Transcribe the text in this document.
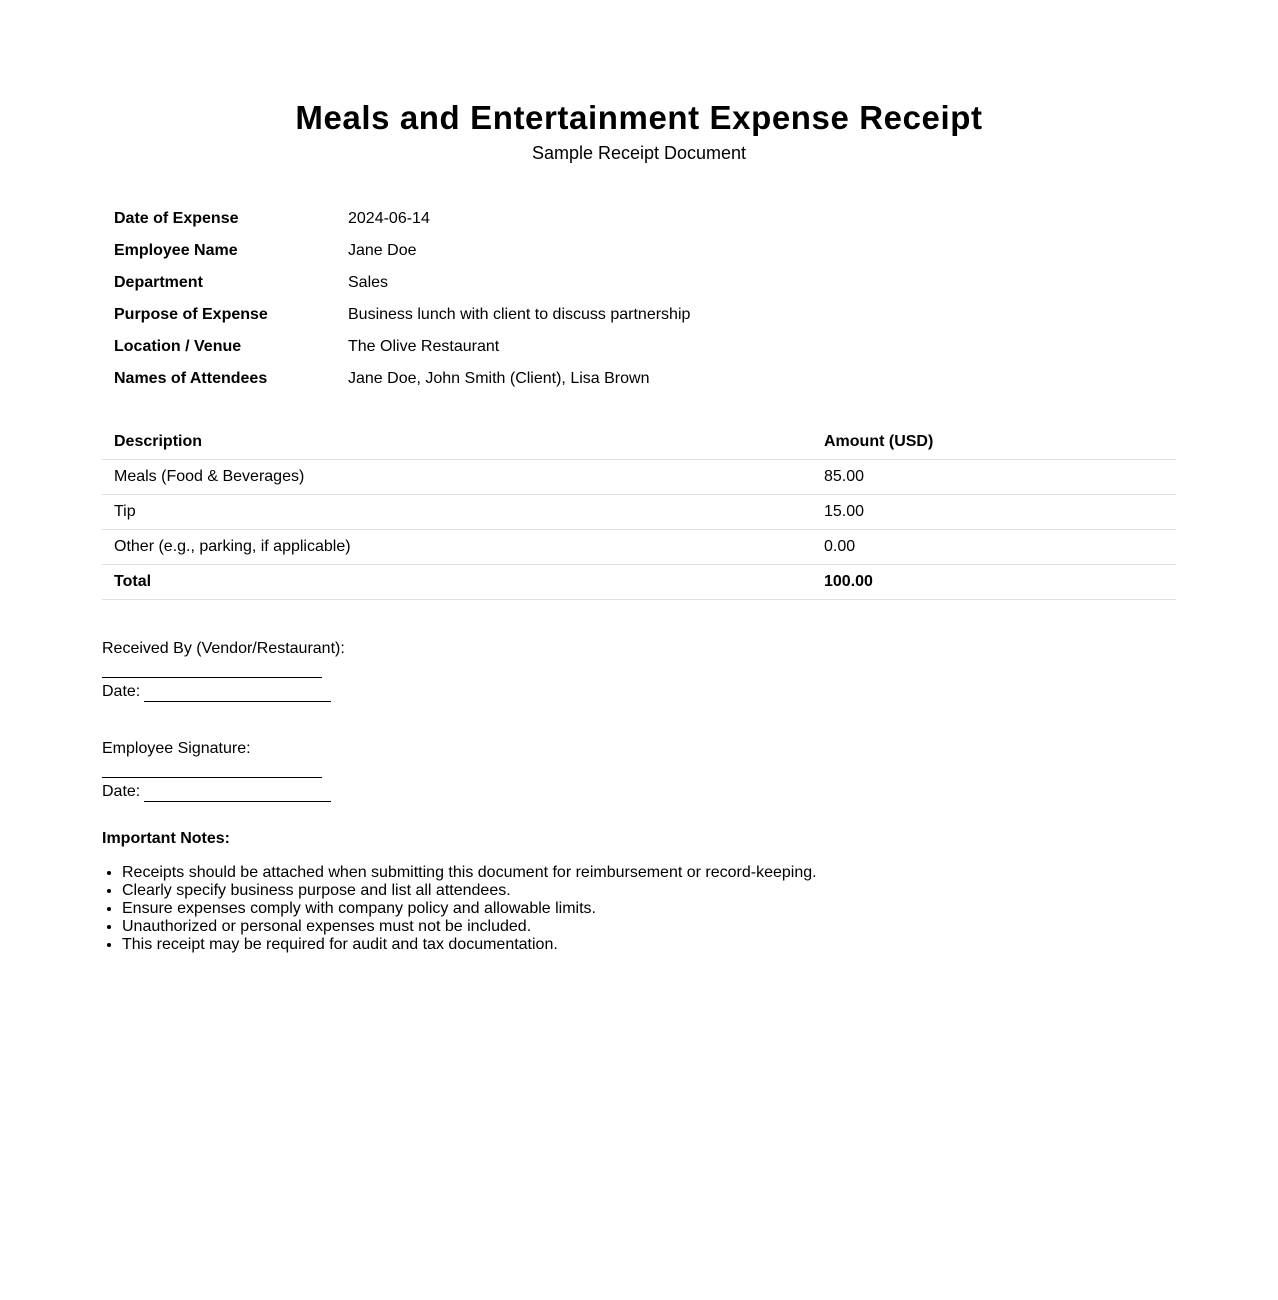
Meals and Entertainment Expense Receipt
Sample Receipt Document
Date of Expense	2024-06-14
Employee Name	Jane Doe
Department	Sales
Purpose of Expense	Business lunch with client to discuss partnership
Location / Venue	The Olive Restaurant
Names of Attendees	Jane Doe, John Smith (Client), Lisa Brown
Description	Amount (USD)
Meals (Food & Beverages)	85.00
Tip	15.00
Other (e.g., parking, if applicable)	0.00
Total	100.00
Received By (Vendor/Restaurant):
Date:
Employee Signature:
Date:
Important Notes:
• Receipts should be attached when submitting this document for reimbursement or record-keeping.
• Clearly specify business purpose and list all attendees.
• Ensure expenses comply with company policy and allowable limits.
• Unauthorized or personal expenses must not be included.
• This receipt may be required for audit and tax documentation.
